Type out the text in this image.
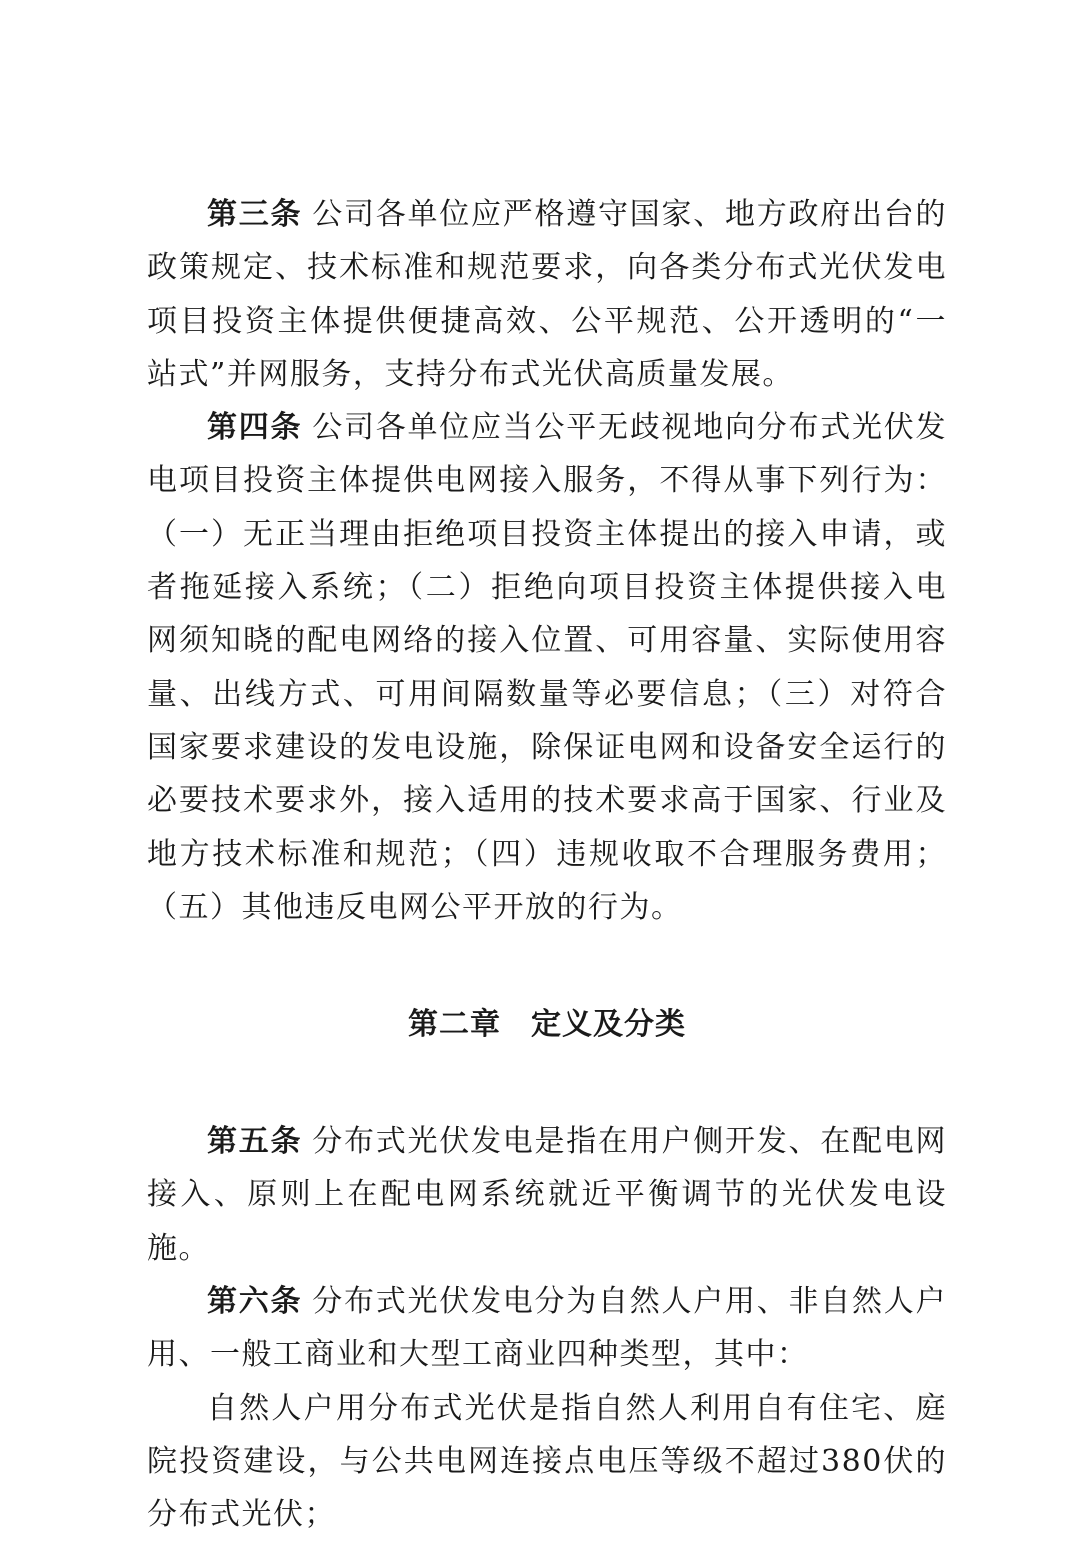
第三条 公司各单位应严格遵守国家、地方政府出台的政策规定、技术标准和规范要求，向各类分布式光伏发电项目投资主体提供便捷高效、公平规范、公开透明的“一站式”并网服务，支持分布式光伏高质量发展。

第四条 公司各单位应当公平无歧视地向分布式光伏发电项目投资主体提供电网接入服务，不得从事下列行为：（一）无正当理由拒绝项目投资主体提出的接入申请，或者拖延接入系统；（二）拒绝向项目投资主体提供接入电网须知晓的配电网络的接入位置、可用容量、实际使用容量、出线方式、可用间隔数量等必要信息；（三）对符合国家要求建设的发电设施，除保证电网和设备安全运行的必要技术要求外，接入适用的技术要求高于国家、行业及地方技术标准和规范；（四）违规收取不合理服务费用；（五）其他违反电网公平开放的行为。

第二章 定义及分类

第五条 分布式光伏发电是指在用户侧开发、在配电网接入、原则上在配电网系统就近平衡调节的光伏发电设施。

第六条 分布式光伏发电分为自然人户用、非自然人户用、一般工商业和大型工商业四种类型，其中：

自然人户用分布式光伏是指自然人利用自有住宅、庭院投资建设，与公共电网连接点电压等级不超过380伏的分布式光伏；
